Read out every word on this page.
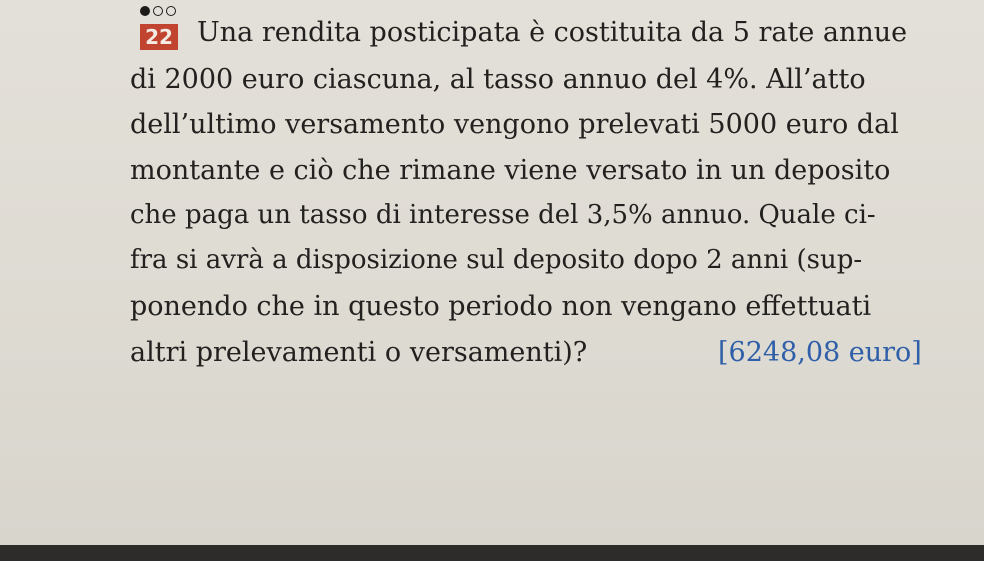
22 Una rendita posticipata è costituita da 5 rate annue

di 2000 euro ciascuna, al tasso annuo del 4%. All’atto

dell’ultimo versamento vengono prelevati 5000 euro dal

montante e ciò che rimane viene versato in un deposito

che paga un tasso di interesse del 3,5% annuo. Quale ci-

fra si avrà a disposizione sul deposito dopo 2 anni (sup-

ponendo che in questo periodo non vengano effettuati

altri prelevamenti o versamenti)?	[6248,08 euro]
